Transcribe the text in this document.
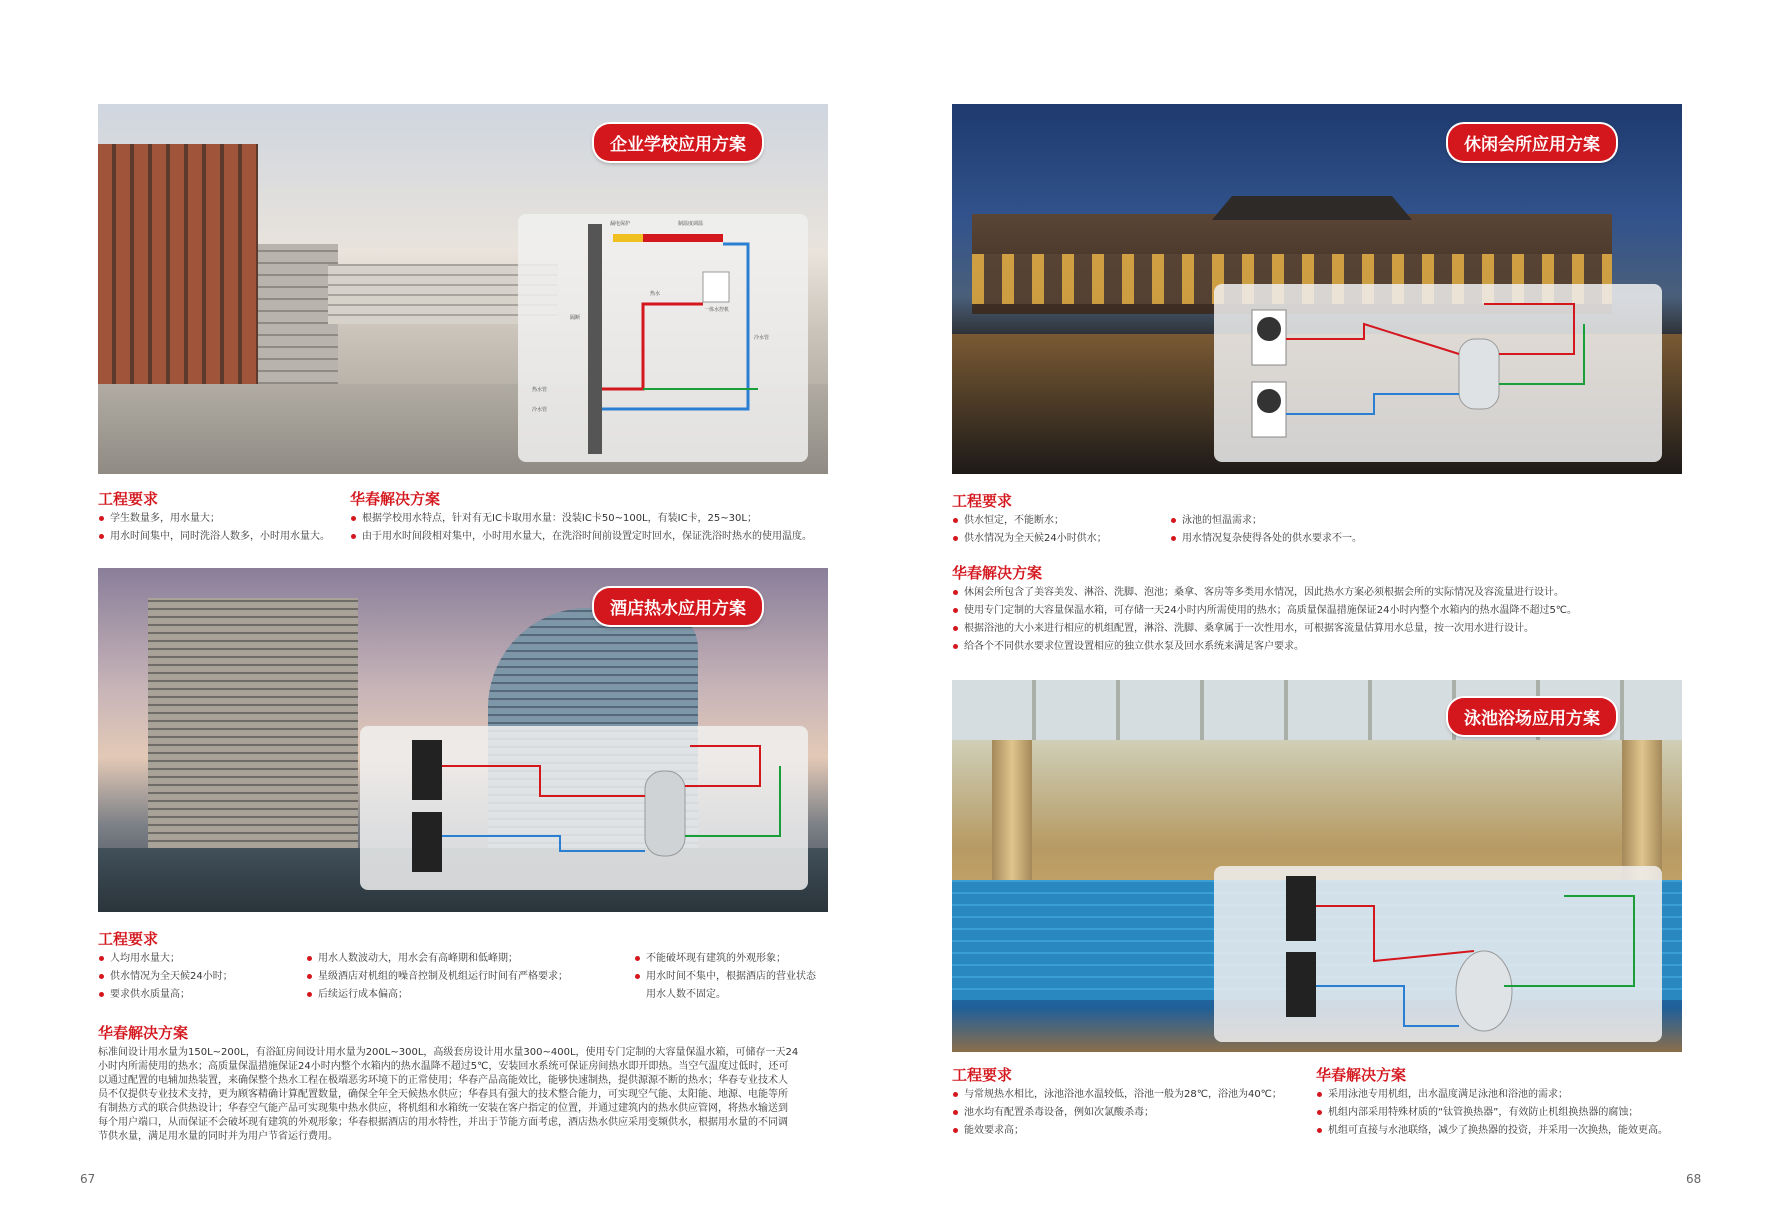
漏电保护	制温度调温
隔断
热水管
冷水管
一体水控机
冷水管
热水
企业学校应用方案
工程要求
学生数量多，用水量大；
用水时间集中，同时洗浴人数多，小时用水量大。
华春解决方案
根据学校用水特点，针对有无IC卡取用水量：没装IC卡50~100L，有装IC卡，25~30L；
由于用水时间段相对集中，小时用水量大，在洗浴时间前设置定时回水，保证洗浴时热水的使用温度。
酒店热水应用方案
工程要求
人均用水量大；
供水情况为全天候24小时；
要求供水质量高；
用水人数波动大，用水会有高峰期和低峰期；
星级酒店对机组的噪音控制及机组运行时间有严格要求；
后续运行成本偏高；
不能破坏现有建筑的外观形象；
用水时间不集中，根据酒店的营业状态
用水人数不固定。
华春解决方案
标准间设计用水量为150L~200L，有浴缸房间设计用水量为200L~300L，高级套房设计用水量300~400L，使用专门定制的大容量保温水箱，可储存一天24
小时内所需使用的热水；高质量保温措施保证24小时内整个水箱内的热水温降不超过5℃，安装回水系统可保证房间热水即开即热。当空气温度过低时，还可
以通过配置的电辅加热装置，来确保整个热水工程在极端恶劣环境下的正常使用；华春产品高能效比，能够快速制热，提供源源不断的热水；华春专业技术人
员不仅提供专业技术支持，更为顾客精确计算配置数量，确保全年全天候热水供应；华春具有强大的技术整合能力，可实现空气能、太阳能、地源、电能等所
有制热方式的联合供热设计；华春空气能产品可实现集中热水供应，将机组和水箱统一安装在客户指定的位置，并通过建筑内的热水供应管网，将热水输送到
每个用户端口，从而保证不会破坏现有建筑的外观形象；华春根据酒店的用水特性，并出于节能方面考虑，酒店热水供应采用变频供水，根据用水量的不同调
节供水量，满足用水量的同时并为用户节省运行费用。
67
休闲会所应用方案
工程要求
供水恒定，不能断水；
供水情况为全天候24小时供水；
泳池的恒温需求；
用水情况复杂使得各处的供水要求不一。
华春解决方案
休闲会所包含了美容美发、淋浴、洗脚、泡池；桑拿、客房等多类用水情况，因此热水方案必须根据会所的实际情况及容流量进行设计。
使用专门定制的大容量保温水箱，可存储一天24小时内所需使用的热水；高质量保温措施保证24小时内整个水箱内的热水温降不超过5℃。
根据浴池的大小来进行相应的机组配置，淋浴、洗脚、桑拿属于一次性用水，可根据客流量估算用水总量，按一次用水进行设计。
给各个不同供水要求位置设置相应的独立供水泵及回水系统来满足客户要求。
泳池浴场应用方案
工程要求
与常规热水相比，泳池浴池水温较低，浴池一般为28℃，浴池为40℃；
池水均有配置杀毒设备，例如次氯酸杀毒；
能效要求高；
华春解决方案
采用泳池专用机组，出水温度满足泳池和浴池的需求；
机组内部采用特殊材质的“钛管换热器”，有效防止机组换热器的腐蚀；
机组可直接与水池联络，减少了换热器的投资，并采用一次换热，能效更高。
68
